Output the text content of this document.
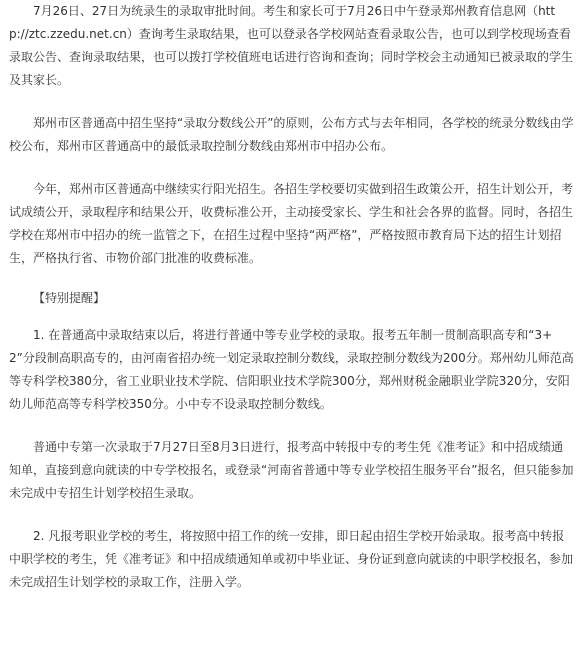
7月26日、27日为统录生的录取审批时间。考生和家长可于7月26日中午登录郑州教育信息网（http://ztc.zzedu.net.cn）查询考生录取结果，也可以登录各学校网站查看录取公告，也可以到学校现场查看录取公告、查询录取结果，也可以拨打学校值班电话进行咨询和查询；同时学校会主动通知已被录取的学生及其家长。

郑州市区普通高中招生坚持“录取分数线公开”的原则，公布方式与去年相同，各学校的统录分数线由学校公布，郑州市区普通高中的最低录取控制分数线由郑州市中招办公布。

今年，郑州市区普通高中继续实行阳光招生。各招生学校要切实做到招生政策公开，招生计划公开，考试成绩公开，录取程序和结果公开，收费标准公开，主动接受家长、学生和社会各界的监督。同时，各招生学校在郑州市中招办的统一监管之下，在招生过程中坚持“两严格”，严格按照市教育局下达的招生计划招生，严格执行省、市物价部门批准的收费标准。

【特别提醒】

1. 在普通高中录取结束以后，将进行普通中等专业学校的录取。报考五年制一贯制高职高专和“3+2”分段制高职高专的，由河南省招办统一划定录取控制分数线，录取控制分数线为200分。郑州幼儿师范高等专科学校380分，省工业职业技术学院、信阳职业技术学院300分，郑州财税金融职业学院320分，安阳幼儿师范高等专科学校350分。小中专不设录取控制分数线。

普通中专第一次录取于7月27日至8月3日进行，报考高中转报中专的考生凭《准考证》和中招成绩通知单，直接到意向就读的中专学校报名，或登录“河南省普通中等专业学校招生服务平台”报名，但只能参加未完成中专招生计划学校招生录取。

2. 凡报考职业学校的考生，将按照中招工作的统一安排，即日起由招生学校开始录取。报考高中转报中职学校的考生，凭《准考证》和中招成绩通知单或初中毕业证、身份证到意向就读的中职学校报名，参加未完成招生计划学校的录取工作，注册入学。
